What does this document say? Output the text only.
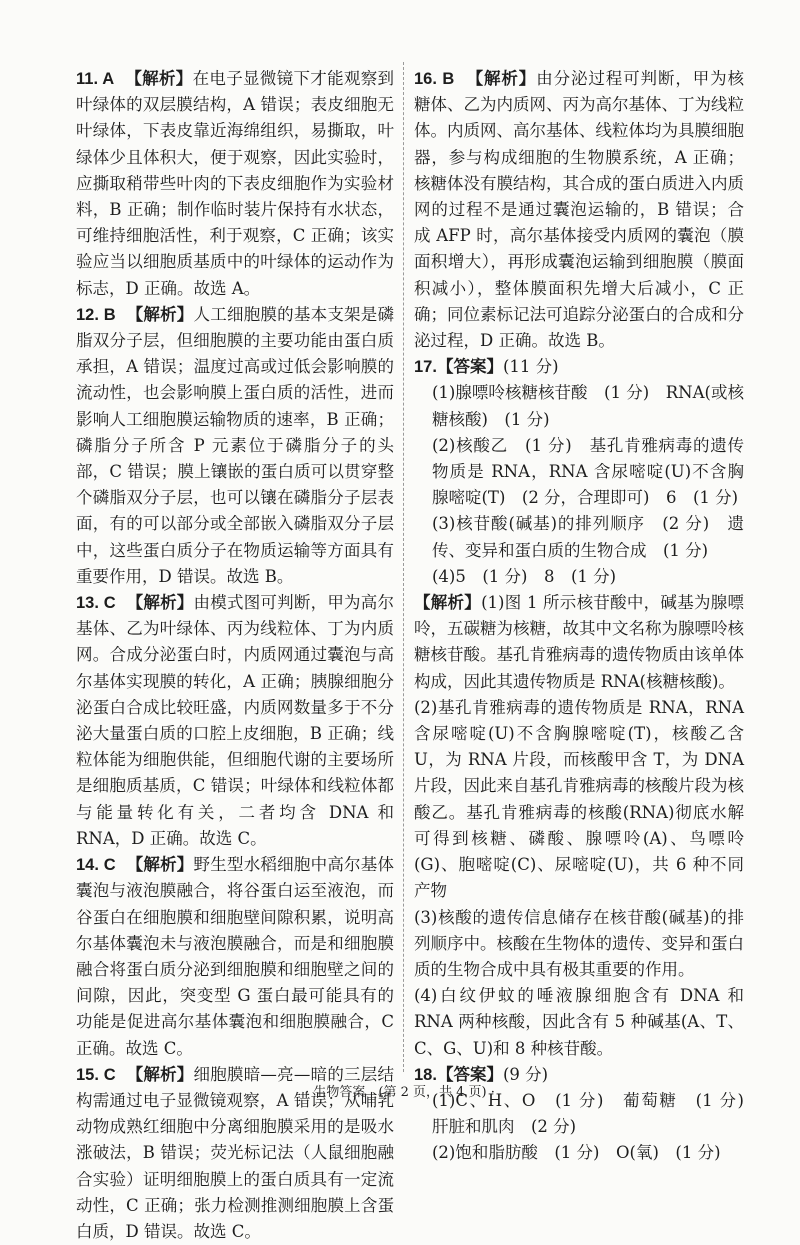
11. A 【解析】在电子显微镜下才能观察到叶绿体的双层膜结构，A 错误；表皮细胞无叶绿体，下表皮靠近海绵组织，易撕取，叶绿体少且体积大，便于观察，因此实验时，应撕取稍带些叶肉的下表皮细胞作为实验材料，B 正确；制作临时装片保持有水状态，可维持细胞活性，利于观察，C 正确；该实验应当以细胞质基质中的叶绿体的运动作为标志，D 正确。故选 A。

12. B 【解析】人工细胞膜的基本支架是磷脂双分子层，但细胞膜的主要功能由蛋白质承担，A 错误；温度过高或过低会影响膜的流动性，也会影响膜上蛋白质的活性，进而影响人工细胞膜运输物质的速率，B 正确；磷脂分子所含 P 元素位于磷脂分子的头部，C 错误；膜上镶嵌的蛋白质可以贯穿整个磷脂双分子层，也可以镶在磷脂分子层表面，有的可以部分或全部嵌入磷脂双分子层中，这些蛋白质分子在物质运输等方面具有重要作用，D 错误。故选 B。

13. C 【解析】由模式图可判断，甲为高尔基体、乙为叶绿体、丙为线粒体、丁为内质网。合成分泌蛋白时，内质网通过囊泡与高尔基体实现膜的转化，A 正确；胰腺细胞分泌蛋白合成比较旺盛，内质网数量多于不分泌大量蛋白质的口腔上皮细胞，B 正确；线粒体能为细胞供能，但细胞代谢的主要场所是细胞质基质，C 错误；叶绿体和线粒体都与能量转化有关，二者均含 DNA 和 RNA，D 正确。故选 C。

14. C 【解析】野生型水稻细胞中高尔基体囊泡与液泡膜融合，将谷蛋白运至液泡，而谷蛋白在细胞膜和细胞壁间隙积累，说明高尔基体囊泡未与液泡膜融合，而是和细胞膜融合将蛋白质分泌到细胞膜和细胞壁之间的间隙，因此，突变型 G 蛋白最可能具有的功能是促进高尔基体囊泡和细胞膜融合，C 正确。故选 C。

15. C 【解析】细胞膜暗—亮—暗的三层结构需通过电子显微镜观察，A 错误；从哺乳动物成熟红细胞中分离细胞膜采用的是吸水涨破法，B 错误；荧光标记法（人鼠细胞融合实验）证明细胞膜上的蛋白质具有一定流动性，C 正确；张力检测推测细胞膜上含蛋白质，D 错误。故选 C。

16. B 【解析】由分泌过程可判断，甲为核糖体、乙为内质网、丙为高尔基体、丁为线粒体。内质网、高尔基体、线粒体均为具膜细胞器，参与构成细胞的生物膜系统，A 正确；核糖体没有膜结构，其合成的蛋白质进入内质网的过程不是通过囊泡运输的，B 错误；合成 AFP 时，高尔基体接受内质网的囊泡（膜面积增大），再形成囊泡运输到细胞膜（膜面积减小），整体膜面积先增大后减小，C 正确；同位素标记法可追踪分泌蛋白的合成和分泌过程，D 正确。故选 B。

17.【答案】(11 分)

(1)腺嘌呤核糖核苷酸　(1 分)　RNA(或核糖核酸)　(1 分)

(2)核酸乙　(1 分)　基孔肯雅病毒的遗传物质是 RNA，RNA 含尿嘧啶(U)不含胸腺嘧啶(T)　(2 分，合理即可)　6　(1 分)

(3)核苷酸(碱基)的排列顺序　(2 分)　遗传、变异和蛋白质的生物合成　(1 分)

(4)5　(1 分)　8　(1 分)

【解析】(1)图 1 所示核苷酸中，碱基为腺嘌呤，五碳糖为核糖，故其中文名称为腺嘌呤核糖核苷酸。基孔肯雅病毒的遗传物质由该单体构成，因此其遗传物质是 RNA(核糖核酸)。

(2)基孔肯雅病毒的遗传物质是 RNA，RNA 含尿嘧啶(U)不含胸腺嘧啶(T)，核酸乙含 U，为 RNA 片段，而核酸甲含 T，为 DNA 片段，因此来自基孔肯雅病毒的核酸片段为核酸乙。基孔肯雅病毒的核酸(RNA)彻底水解可得到核糖、磷酸、腺嘌呤(A)、鸟嘌呤(G)、胞嘧啶(C)、尿嘧啶(U)，共 6 种不同产物

(3)核酸的遗传信息储存在核苷酸(碱基)的排列顺序中。核酸在生物体的遗传、变异和蛋白质的生物合成中具有极其重要的作用。

(4)白纹伊蚊的唾液腺细胞含有 DNA 和 RNA 两种核酸，因此含有 5 种碱基(A、T、C、G、U)和 8 种核苷酸。

18.【答案】(9 分)

(1)C、H、O　(1 分)　葡萄糖　(1 分)　肝脏和肌肉　(2 分)

(2)饱和脂肪酸　(1 分)　O(氧)　(1 分)

· 生物答案　(第 2 页，共 4 页) ·
